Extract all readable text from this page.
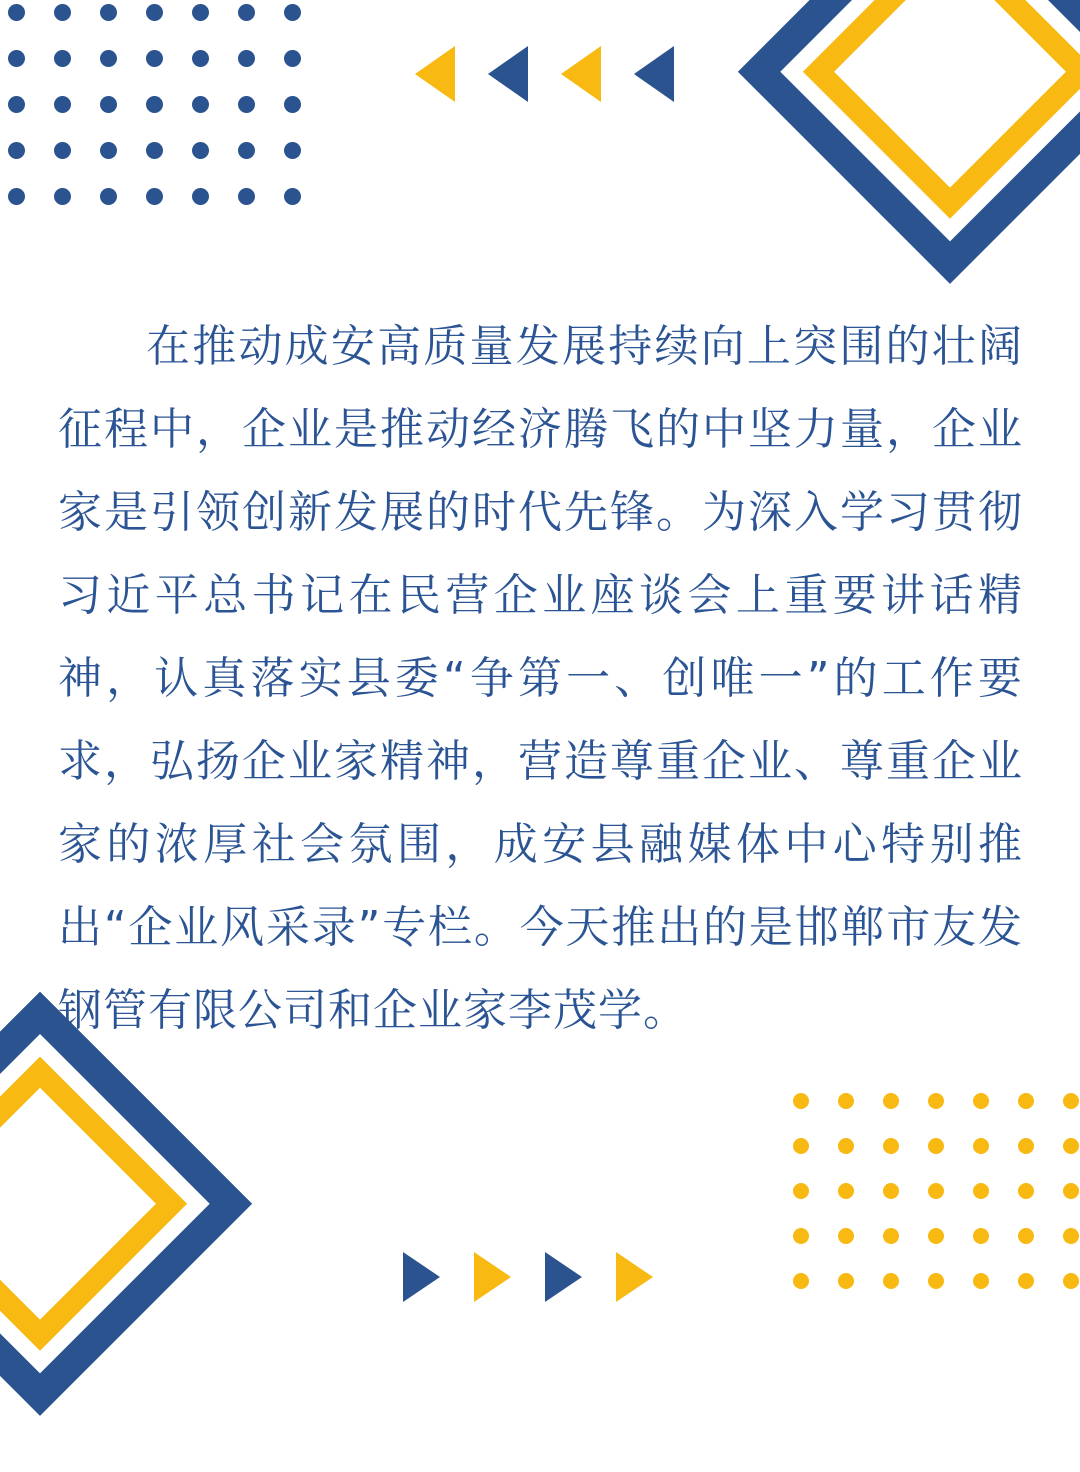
在推动成安高质量发展持续向上突围的壮阔征程中，企业是推动经济腾飞的中坚力量，企业家是引领创新发展的时代先锋。为深入学习贯彻习近平总书记在民营企业座谈会上重要讲话精神，认真落实县委“争第一、创唯一”的工作要求，弘扬企业家精神，营造尊重企业、尊重企业家的浓厚社会氛围，成安县融媒体中心特别推出“企业风采录”专栏。今天推出的是邯郸市友发钢管有限公司和企业家李茂学。
